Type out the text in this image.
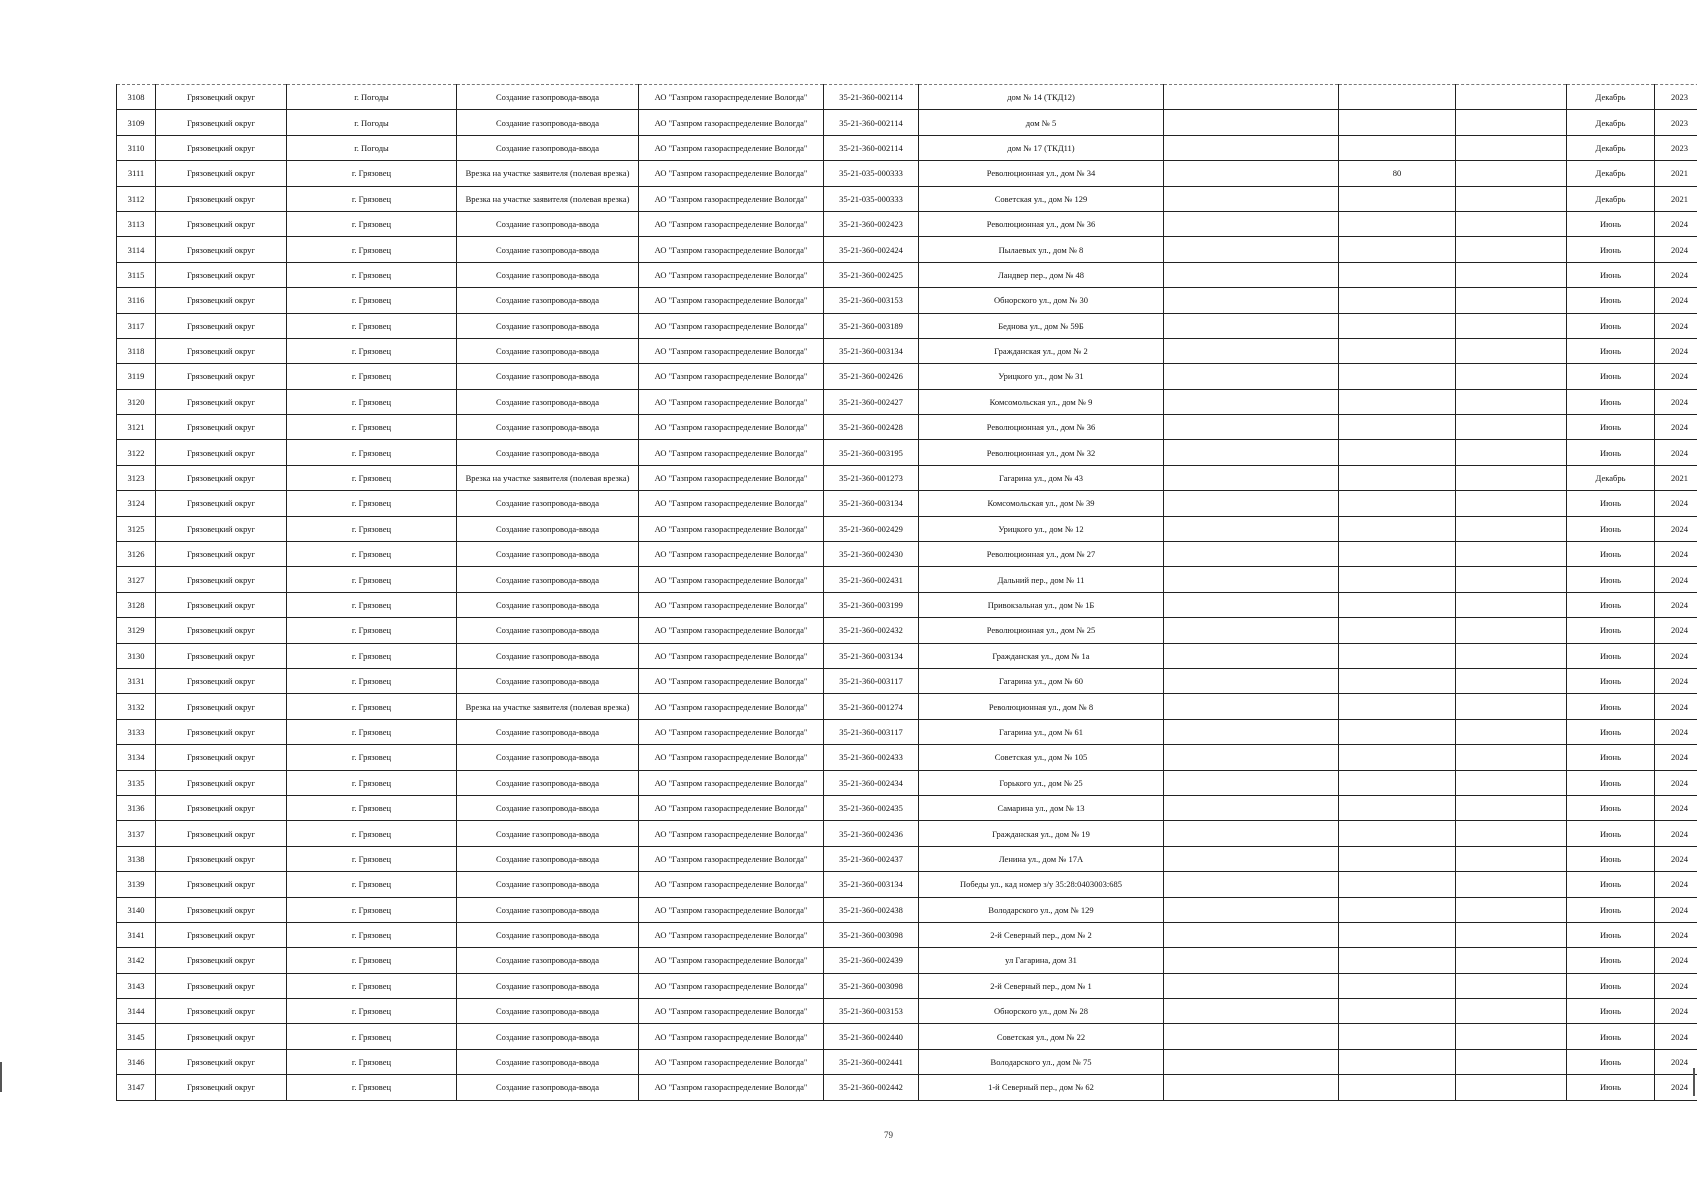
3108	Грязовецкий округ	г. Погоды	Создание газопровода-ввода	АО "Газпром газораспределение Вологда"	35-21-360-002114	дом № 14 (ТКД12)				Декабрь	2023
3109	Грязовецкий округ	г. Погоды	Создание газопровода-ввода	АО "Газпром газораспределение Вологда"	35-21-360-002114	дом № 5				Декабрь	2023
3110	Грязовецкий округ	г. Погоды	Создание газопровода-ввода	АО "Газпром газораспределение Вологда"	35-21-360-002114	дом № 17 (ТКД11)				Декабрь	2023
3111	Грязовецкий округ	г. Грязовец	Врезка на участке заявителя (полевая врезка)	АО "Газпром газораспределение Вологда"	35-21-035-000333	Революционная ул., дом № 34		80		Декабрь	2021
3112	Грязовецкий округ	г. Грязовец	Врезка на участке заявителя (полевая врезка)	АО "Газпром газораспределение Вологда"	35-21-035-000333	Советская ул., дом № 129				Декабрь	2021
3113	Грязовецкий округ	г. Грязовец	Создание газопровода-ввода	АО "Газпром газораспределение Вологда"	35-21-360-002423	Революционная ул., дом № 36				Июнь	2024
3114	Грязовецкий округ	г. Грязовец	Создание газопровода-ввода	АО "Газпром газораспределение Вологда"	35-21-360-002424	Пылаевых ул., дом № 8				Июнь	2024
3115	Грязовецкий округ	г. Грязовец	Создание газопровода-ввода	АО "Газпром газораспределение Вологда"	35-21-360-002425	Ландвер пер., дом № 48				Июнь	2024
3116	Грязовецкий округ	г. Грязовец	Создание газопровода-ввода	АО "Газпром газораспределение Вологда"	35-21-360-003153	Обнорского ул., дом № 30				Июнь	2024
3117	Грязовецкий округ	г. Грязовец	Создание газопровода-ввода	АО "Газпром газораспределение Вологда"	35-21-360-003189	Беднова ул., дом № 59Б				Июнь	2024
3118	Грязовецкий округ	г. Грязовец	Создание газопровода-ввода	АО "Газпром газораспределение Вологда"	35-21-360-003134	Гражданская ул., дом № 2				Июнь	2024
3119	Грязовецкий округ	г. Грязовец	Создание газопровода-ввода	АО "Газпром газораспределение Вологда"	35-21-360-002426	Урицкого ул., дом № 31				Июнь	2024
3120	Грязовецкий округ	г. Грязовец	Создание газопровода-ввода	АО "Газпром газораспределение Вологда"	35-21-360-002427	Комсомольская ул., дом № 9				Июнь	2024
3121	Грязовецкий округ	г. Грязовец	Создание газопровода-ввода	АО "Газпром газораспределение Вологда"	35-21-360-002428	Революционная ул., дом № 36				Июнь	2024
3122	Грязовецкий округ	г. Грязовец	Создание газопровода-ввода	АО "Газпром газораспределение Вологда"	35-21-360-003195	Революционная ул., дом № 32				Июнь	2024
3123	Грязовецкий округ	г. Грязовец	Врезка на участке заявителя (полевая врезка)	АО "Газпром газораспределение Вологда"	35-21-360-001273	Гагарина ул., дом № 43				Декабрь	2021
3124	Грязовецкий округ	г. Грязовец	Создание газопровода-ввода	АО "Газпром газораспределение Вологда"	35-21-360-003134	Комсомольская ул., дом № 39				Июнь	2024
3125	Грязовецкий округ	г. Грязовец	Создание газопровода-ввода	АО "Газпром газораспределение Вологда"	35-21-360-002429	Урицкого ул., дом № 12				Июнь	2024
3126	Грязовецкий округ	г. Грязовец	Создание газопровода-ввода	АО "Газпром газораспределение Вологда"	35-21-360-002430	Революционная ул., дом № 27				Июнь	2024
3127	Грязовецкий округ	г. Грязовец	Создание газопровода-ввода	АО "Газпром газораспределение Вологда"	35-21-360-002431	Дальний пер., дом № 11				Июнь	2024
3128	Грязовецкий округ	г. Грязовец	Создание газопровода-ввода	АО "Газпром газораспределение Вологда"	35-21-360-003199	Привокзальная ул., дом № 1Б				Июнь	2024
3129	Грязовецкий округ	г. Грязовец	Создание газопровода-ввода	АО "Газпром газораспределение Вологда"	35-21-360-002432	Революционная ул., дом № 25				Июнь	2024
3130	Грязовецкий округ	г. Грязовец	Создание газопровода-ввода	АО "Газпром газораспределение Вологда"	35-21-360-003134	Гражданская ул., дом № 1а				Июнь	2024
3131	Грязовецкий округ	г. Грязовец	Создание газопровода-ввода	АО "Газпром газораспределение Вологда"	35-21-360-003117	Гагарина ул., дом № 60				Июнь	2024
3132	Грязовецкий округ	г. Грязовец	Врезка на участке заявителя (полевая врезка)	АО "Газпром газораспределение Вологда"	35-21-360-001274	Революционная ул., дом № 8				Июнь	2024
3133	Грязовецкий округ	г. Грязовец	Создание газопровода-ввода	АО "Газпром газораспределение Вологда"	35-21-360-003117	Гагарина ул., дом № 61				Июнь	2024
3134	Грязовецкий округ	г. Грязовец	Создание газопровода-ввода	АО "Газпром газораспределение Вологда"	35-21-360-002433	Советская ул., дом № 105				Июнь	2024
3135	Грязовецкий округ	г. Грязовец	Создание газопровода-ввода	АО "Газпром газораспределение Вологда"	35-21-360-002434	Горького ул., дом № 25				Июнь	2024
3136	Грязовецкий округ	г. Грязовец	Создание газопровода-ввода	АО "Газпром газораспределение Вологда"	35-21-360-002435	Самарина ул., дом № 13				Июнь	2024
3137	Грязовецкий округ	г. Грязовец	Создание газопровода-ввода	АО "Газпром газораспределение Вологда"	35-21-360-002436	Гражданская ул., дом № 19				Июнь	2024
3138	Грязовецкий округ	г. Грязовец	Создание газопровода-ввода	АО "Газпром газораспределение Вологда"	35-21-360-002437	Ленина ул., дом № 17А				Июнь	2024
3139	Грязовецкий округ	г. Грязовец	Создание газопровода-ввода	АО "Газпром газораспределение Вологда"	35-21-360-003134	Победы ул., кад номер з/у 35:28:0403003:685				Июнь	2024
3140	Грязовецкий округ	г. Грязовец	Создание газопровода-ввода	АО "Газпром газораспределение Вологда"	35-21-360-002438	Володарского ул., дом № 129				Июнь	2024
3141	Грязовецкий округ	г. Грязовец	Создание газопровода-ввода	АО "Газпром газораспределение Вологда"	35-21-360-003098	2-й Северный пер., дом № 2				Июнь	2024
3142	Грязовецкий округ	г. Грязовец	Создание газопровода-ввода	АО "Газпром газораспределение Вологда"	35-21-360-002439	ул Гагарина, дом 31				Июнь	2024
3143	Грязовецкий округ	г. Грязовец	Создание газопровода-ввода	АО "Газпром газораспределение Вологда"	35-21-360-003098	2-й Северный пер., дом № 1				Июнь	2024
3144	Грязовецкий округ	г. Грязовец	Создание газопровода-ввода	АО "Газпром газораспределение Вологда"	35-21-360-003153	Обнорского ул., дом № 28				Июнь	2024
3145	Грязовецкий округ	г. Грязовец	Создание газопровода-ввода	АО "Газпром газораспределение Вологда"	35-21-360-002440	Советская ул., дом № 22				Июнь	2024
3146	Грязовецкий округ	г. Грязовец	Создание газопровода-ввода	АО "Газпром газораспределение Вологда"	35-21-360-002441	Володарского ул., дом № 75				Июнь	2024
3147	Грязовецкий округ	г. Грязовец	Создание газопровода-ввода	АО "Газпром газораспределение Вологда"	35-21-360-002442	1-й Северный пер., дом № 62				Июнь	2024
79
